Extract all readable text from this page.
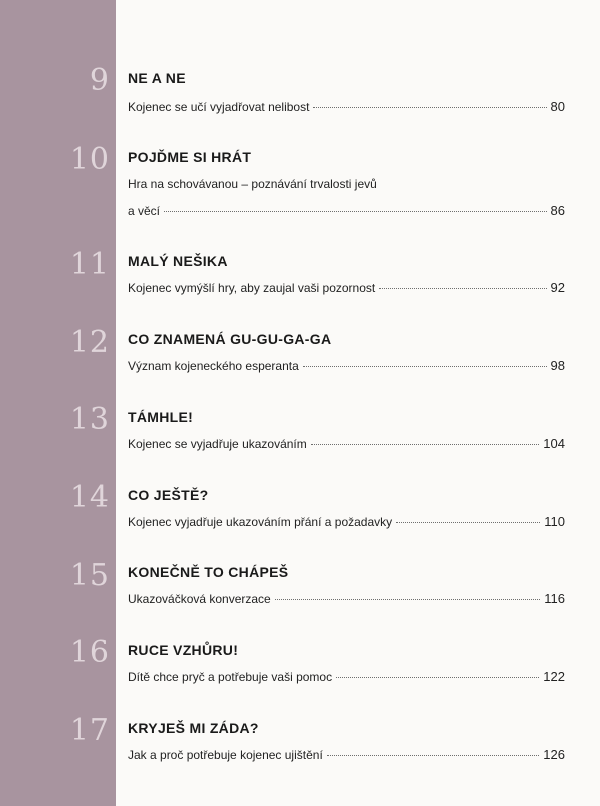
9 NE A NE
Kojenec se učí vyjadřovat nelibost	80
10 POJĎME SI HRÁT
Hra na schovávanou – poznávání trvalosti jevů
a věcí	86
11 MALÝ NEŠIKA
Kojenec vymýšlí hry, aby zaujal vaši pozornost	92
12 CO ZNAMENÁ GU-GU-GA-GA
Význam kojeneckého esperanta	98
13 TÁMHLE!
Kojenec se vyjadřuje ukazováním	104
14 CO JEŠTĚ?
Kojenec vyjadřuje ukazováním přání a požadavky	110
15 KONEČNĚ TO CHÁPEŠ
Ukazováčková konverzace	116
16 RUCE VZHŮRU!
Dítě chce pryč a potřebuje vaši pomoc	122
17 KRYJEŠ MI ZÁDA?
Jak a proč potřebuje kojenec ujištění	126
